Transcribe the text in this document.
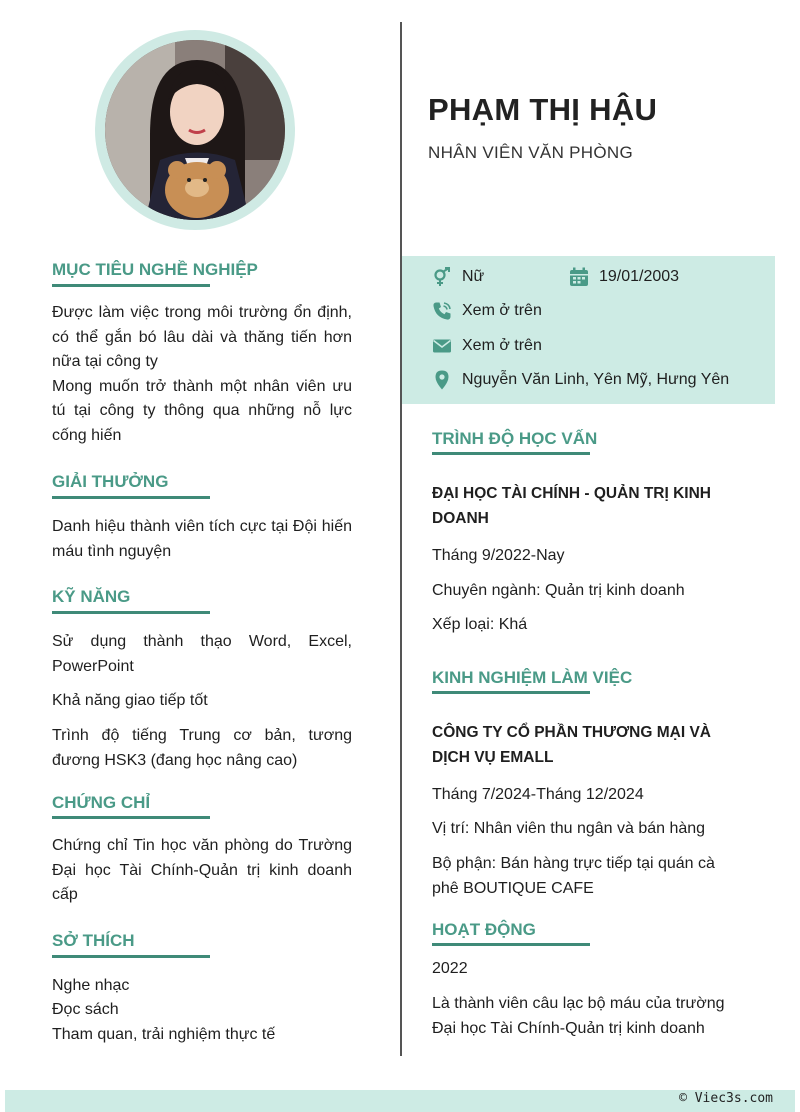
PHẠM THỊ HẬU
NHÂN VIÊN VĂN PHÒNG
Nữ	19/01/2003
Xem ở trên
Xem ở trên
Nguyễn Văn Linh, Yên Mỹ, Hưng Yên
MỤC TIÊU NGHỀ NGHIỆP

Được làm việc trong môi trường ổn định, có thể gắn bó lâu dài và thăng tiến hơn nữa tại công ty

Mong muốn trở thành một nhân viên ưu tú tại công ty thông qua những nỗ lực cống hiến

GIẢI THƯỞNG
Danh hiệu thành viên tích cực tại Đội hiến máu tình nguyện
KỸ NĂNG
Sử dụng thành thạo Word, Excel, PowerPoint
Khả năng giao tiếp tốt
Trình độ tiếng Trung cơ bản, tương đương HSK3 (đang học nâng cao)
CHỨNG CHỈ
Chứng chỉ Tin học văn phòng do Trường Đại học Tài Chính-Quản trị kinh doanh cấp
SỞ THÍCH
Nghe nhạc
Đọc sách
Tham quan, trải nghiệm thực tế
TRÌNH ĐỘ HỌC VẤN
ĐẠI HỌC TÀI CHÍNH - QUẢN TRỊ KINH DOANH
Tháng 9/2022-Nay
Chuyên ngành: Quản trị kinh doanh
Xếp loại: Khá
KINH NGHIỆM LÀM VIỆC
CÔNG TY CỔ PHẦN THƯƠNG MẠI VÀ DỊCH VỤ EMALL
Tháng 7/2024-Tháng 12/2024
Vị trí: Nhân viên thu ngân và bán hàng
Bộ phận: Bán hàng trực tiếp tại quán cà phê BOUTIQUE CAFE
HOẠT ĐỘNG
2022
Là thành viên câu lạc bộ máu của trường Đại học Tài Chính-Quản trị kinh doanh
© Viec3s.com
